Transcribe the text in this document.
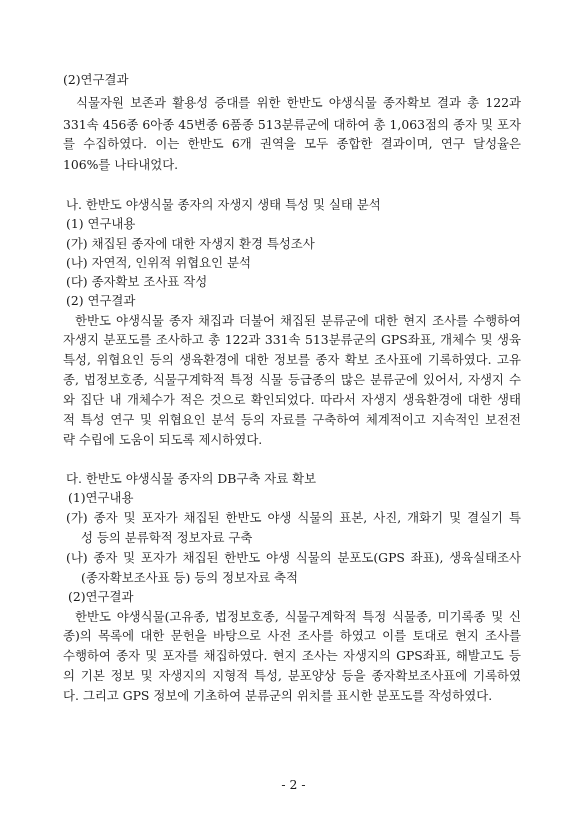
(2)연구결과

식물자원 보존과 활용성 증대를 위한 한반도 야생식물 종자확보 결과 총 122과

331속 456종 6아종 45변종 6품종 513분류군에 대하여 총 1,063점의 종자 및 포자

를 수집하였다. 이는 한반도 6개 권역을 모두 종합한 결과이며, 연구 달성율은

106%를 나타내었다.

나. 한반도 야생식물 종자의 자생지 생태 특성 및 실태 분석

(1) 연구내용

(가) 채집된 종자에 대한 자생지 환경 특성조사

(나) 자연적, 인위적 위협요인 분석

(다) 종자확보 조사표 작성

(2) 연구결과

한반도 야생식물 종자 채집과 더불어 채집된 분류군에 대한 현지 조사를 수행하여

자생지 분포도를 조사하고 총 122과 331속 513분류군의 GPS좌표, 개체수 및 생육

특성, 위협요인 등의 생육환경에 대한 정보를 종자 확보 조사표에 기록하였다. 고유

종, 법정보호종, 식물구계학적 특정 식물 등급종의 많은 분류군에 있어서, 자생지 수

와 집단 내 개체수가 적은 것으로 확인되었다. 따라서 자생지 생육환경에 대한 생태

적 특성 연구 및 위협요인 분석 등의 자료를 구축하여 체계적이고 지속적인 보전전

략 수립에 도움이 되도록 제시하였다.

다. 한반도 야생식물 종자의 DB구축 자료 확보

(1)연구내용

(가) 종자 및 포자가 채집된 한반도 야생 식물의 표본, 사진, 개화기 및 결실기 특

성 등의 분류학적 정보자료 구축

(나) 종자 및 포자가 채집된 한반도 야생 식물의 분포도(GPS 좌표), 생육실태조사

(종자확보조사표 등) 등의 정보자료 축적

(2)연구결과

한반도 야생식물(고유종, 법정보호종, 식물구계학적 특정 식물종, 미기록종 및 신

종)의 목록에 대한 문헌을 바탕으로 사전 조사를 하였고 이를 토대로 현지 조사를

수행하여 종자 및 포자를 채집하였다. 현지 조사는 자생지의 GPS좌표, 해발고도 등

의 기본 정보 및 자생지의 지형적 특성, 분포양상 등을 종자확보조사표에 기록하였

다. 그리고 GPS 정보에 기초하여 분류군의 위치를 표시한 분포도를 작성하였다.

- 2 -
